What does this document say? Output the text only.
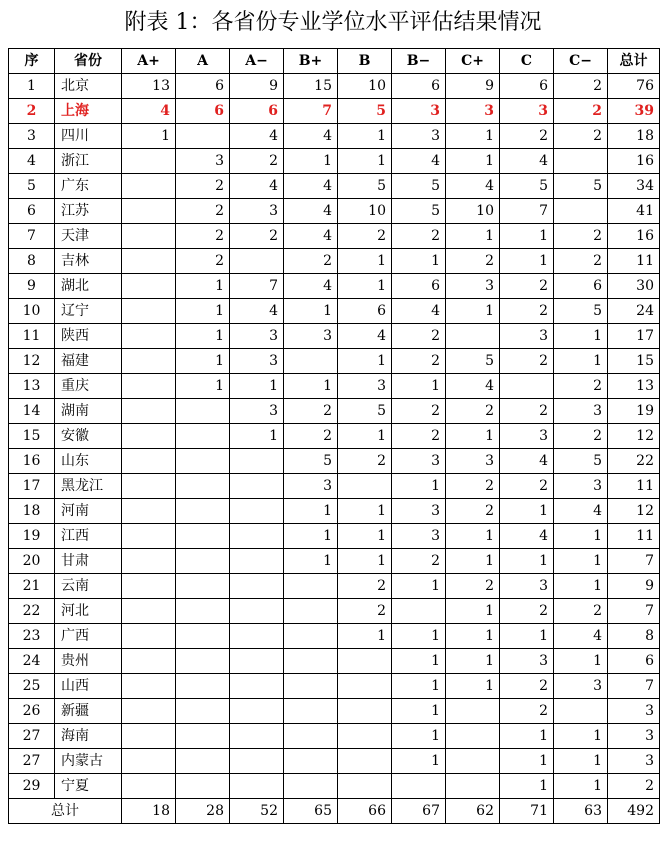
附表 1：各省份专业学位水平评估结果情况
序	省份	A+	A	A−	B+	B	B−	C+	C	C−	总计
1	北京	13	6	9	15	10	6	9	6	2	76
2	上海	4	6	6	7	5	3	3	3	2	39
3	四川	1		4	4	1	3	1	2	2	18
4	浙江		3	2	1	1	4	1	4		16
5	广东		2	4	4	5	5	4	5	5	34
6	江苏		2	3	4	10	5	10	7		41
7	天津		2	2	4	2	2	1	1	2	16
8	吉林		2		2	1	1	2	1	2	11
9	湖北		1	7	4	1	6	3	2	6	30
10	辽宁		1	4	1	6	4	1	2	5	24
11	陕西		1	3	3	4	2		3	1	17
12	福建		1	3		1	2	5	2	1	15
13	重庆		1	1	1	3	1	4		2	13
14	湖南			3	2	5	2	2	2	3	19
15	安徽			1	2	1	2	1	3	2	12
16	山东				5	2	3	3	4	5	22
17	黑龙江				3		1	2	2	3	11
18	河南				1	1	3	2	1	4	12
19	江西				1	1	3	1	4	1	11
20	甘肃				1	1	2	1	1	1	7
21	云南					2	1	2	3	1	9
22	河北					2		1	2	2	7
23	广西					1	1	1	1	4	8
24	贵州						1	1	3	1	6
25	山西						1	1	2	3	7
26	新疆						1		2		3
27	海南						1		1	1	3
27	内蒙古						1		1	1	3
29	宁夏								1	1	2
总计		18	28	52	65	66	67	62	71	63	492
